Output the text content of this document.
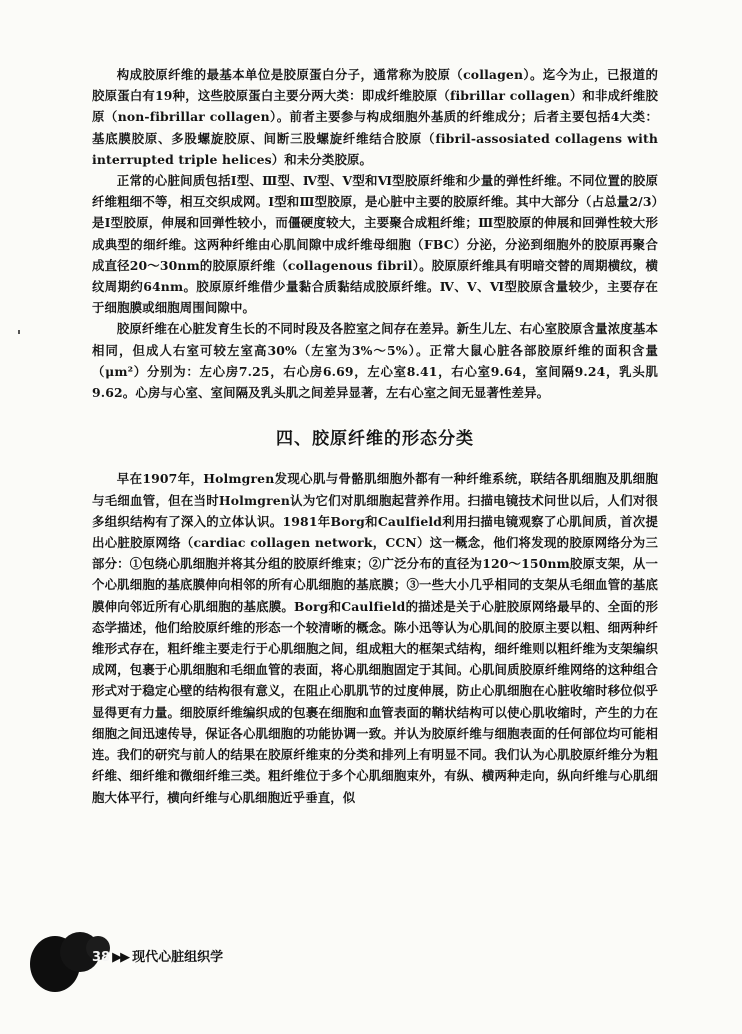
构成胶原纤维的最基本单位是胶原蛋白分子，通常称为胶原（collagen）。迄今为止，已报道的胶原蛋白有19种，这些胶原蛋白主要分两大类：即成纤维胶原（fibrillar collagen）和非成纤维胶原（non-fibrillar collagen）。前者主要参与构成细胞外基质的纤维成分；后者主要包括4大类：基底膜胶原、多股螺旋胶原、间断三股螺旋纤维结合胶原（fibril-assosiated collagens with interrupted triple helices）和未分类胶原。

正常的心脏间质包括Ⅰ型、Ⅲ型、Ⅳ型、Ⅴ型和Ⅵ型胶原纤维和少量的弹性纤维。不同位置的胶原纤维粗细不等，相互交织成网。Ⅰ型和Ⅲ型胶原，是心脏中主要的胶原纤维。其中大部分（占总量2/3）是Ⅰ型胶原，伸展和回弹性较小，而僵硬度较大，主要聚合成粗纤维；Ⅲ型胶原的伸展和回弹性较大形成典型的细纤维。这两种纤维由心肌间隙中成纤维母细胞（FBC）分泌，分泌到细胞外的胶原再聚合成直径20～30nm的胶原原纤维（collagenous fibril）。胶原原纤维具有明暗交替的周期横纹，横纹周期约64nm。胶原原纤维借少量黏合质黏结成胶原纤维。Ⅳ、Ⅴ、Ⅵ型胶原含量较少，主要存在于细胞膜或细胞周围间隙中。

胶原纤维在心脏发育生长的不同时段及各腔室之间存在差异。新生儿左、右心室胶原含量浓度基本相同，但成人右室可较左室高30%（左室为3%～5%）。正常大鼠心脏各部胶原纤维的面积含量（μm²）分别为：左心房7.25，右心房6.69，左心室8.41，右心室9.64，室间隔9.24，乳头肌9.62。心房与心室、室间隔及乳头肌之间差异显著，左右心室之间无显著性差异。

四、胶原纤维的形态分类

早在1907年，Holmgren发现心肌与骨骼肌细胞外都有一种纤维系统，联结各肌细胞及肌细胞与毛细血管，但在当时Holmgren认为它们对肌细胞起营养作用。扫描电镜技术问世以后，人们对很多组织结构有了深入的立体认识。1981年Borg和Caulfield利用扫描电镜观察了心肌间质，首次提出心脏胶原网络（cardiac collagen network，CCN）这一概念，他们将发现的胶原网络分为三部分：①包绕心肌细胞并将其分组的胶原纤维束；②广泛分布的直径为120～150nm胶原支架，从一个心肌细胞的基底膜伸向相邻的所有心肌细胞的基底膜；③一些大小几乎相同的支架从毛细血管的基底膜伸向邻近所有心肌细胞的基底膜。Borg和Caulfield的描述是关于心脏胶原网络最早的、全面的形态学描述，他们给胶原纤维的形态一个较清晰的概念。陈小迅等认为心肌间的胶原主要以粗、细两种纤维形式存在，粗纤维主要走行于心肌细胞之间，组成粗大的框架式结构，细纤维则以粗纤维为支架编织成网，包裹于心肌细胞和毛细血管的表面，将心肌细胞固定于其间。心肌间质胶原纤维网络的这种组合形式对于稳定心壁的结构很有意义，在阻止心肌肌节的过度伸展，防止心肌细胞在心脏收缩时移位似乎显得更有力量。细胶原纤维编织成的包裹在细胞和血管表面的鞘状结构可以使心肌收缩时，产生的力在细胞之间迅速传导，保证各心肌细胞的功能协调一致。并认为胶原纤维与细胞表面的任何部位均可能相连。我们的研究与前人的结果在胶原纤维束的分类和排列上有明显不同。我们认为心肌胶原纤维分为粗纤维、细纤维和微细纤维三类。粗纤维位于多个心肌细胞束外，有纵、横两种走向，纵向纤维与心肌细胞大体平行，横向纤维与心肌细胞近乎垂直，似

38 ▶▶ 现代心脏组织学
